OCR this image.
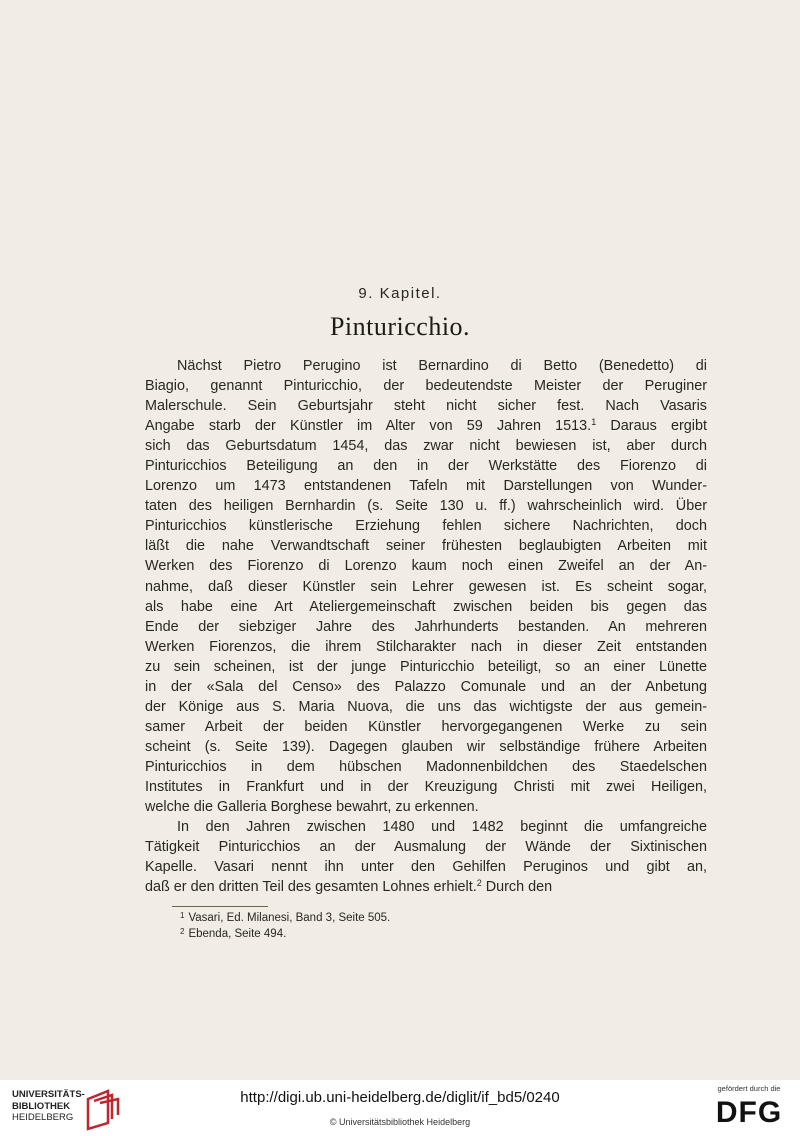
9. Kapitel.
Pinturicchio.
Nächst Pietro Perugino ist Bernardino di Betto (Benedetto) di
Biagio, genannt Pinturicchio, der bedeutendste Meister der Peruginer
Malerschule. Sein Geburtsjahr steht nicht sicher fest. Nach Vasaris
Angabe starb der Künstler im Alter von 59 Jahren 1513.$^1$ Daraus ergibt
sich das Geburtsdatum 1454, das zwar nicht bewiesen ist, aber durch
Pinturicchios Beteiligung an den in der Werkstätte des Fiorenzo di
Lorenzo um 1473 entstandenen Tafeln mit Darstellungen von Wunder-
taten des heiligen Bernhardin (s. Seite 130 u. ff.) wahrscheinlich wird. Über
Pinturicchios künstlerische Erziehung fehlen sichere Nachrichten, doch
läßt die nahe Verwandtschaft seiner frühesten beglaubigten Arbeiten mit
Werken des Fiorenzo di Lorenzo kaum noch einen Zweifel an der An-
nahme, daß dieser Künstler sein Lehrer gewesen ist. Es scheint sogar,
als habe eine Art Ateliergemeinschaft zwischen beiden bis gegen das
Ende der siebziger Jahre des Jahrhunderts bestanden. An mehreren
Werken Fiorenzos, die ihrem Stilcharakter nach in dieser Zeit entstanden
zu sein scheinen, ist der junge Pinturicchio beteiligt, so an einer Lünette
in der «Sala del Censo» des Palazzo Comunale und an der Anbetung
der Könige aus S. Maria Nuova, die uns das wichtigste der aus gemein-
samer Arbeit der beiden Künstler hervorgegangenen Werke zu sein
scheint (s. Seite 139). Dagegen glauben wir selbständige frühere Arbeiten
Pinturicchios in dem hübschen Madonnenbildchen des Staedelschen
Institutes in Frankfurt und in der Kreuzigung Christi mit zwei Heiligen,
welche die Galleria Borghese bewahrt, zu erkennen.
In den Jahren zwischen 1480 und 1482 beginnt die umfangreiche
Tätigkeit Pinturicchios an der Ausmalung der Wände der Sixtinischen
Kapelle. Vasari nennt ihn unter den Gehilfen Peruginos und gibt an,
daß er den dritten Teil des gesamten Lohnes erhielt.$^2$ Durch den
$^1$ Vasari, Ed. Milanesi, Band 3, Seite 505.
$^2$ Ebenda, Seite 494.
UNIVERSITÄTS-
BIBLIOTHEK
HEIDELBERG
http://digi.ub.uni-heidelberg.de/diglit/if_bd5/0240
© Universitätsbibliothek Heidelberg
gefördert durch die
DFG
